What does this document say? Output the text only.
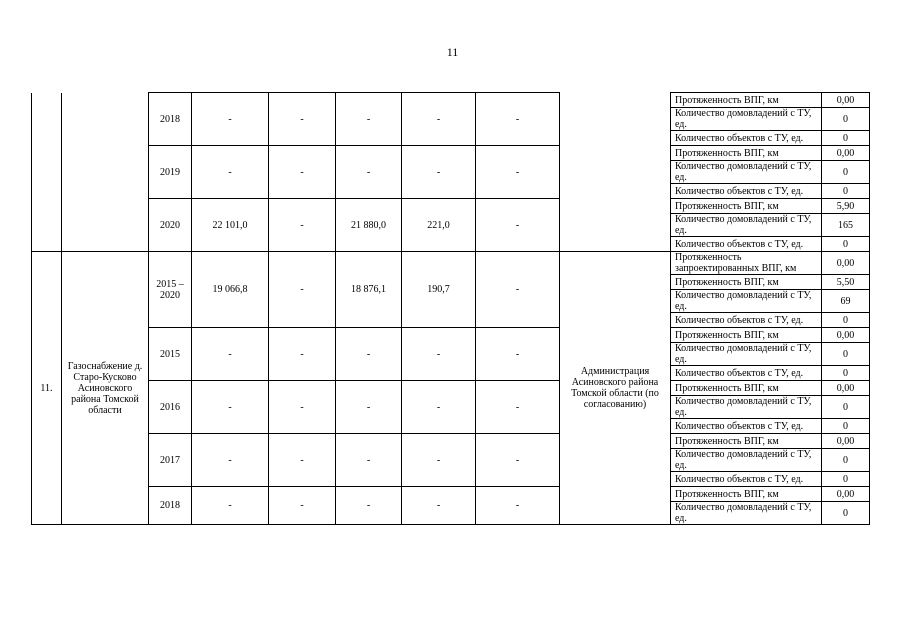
11
		2018	-	-	-	-	-		Протяженность ВПГ, км	0,00
									Количество домовладений с ТУ, ед.	0
									Количество объектов с ТУ, ед.	0
		2019	-	-	-	-	-		Протяженность ВПГ, км	0,00
									Количество домовладений с ТУ, ед.	0
									Количество объектов с ТУ, ед.	0
		2020	22 101,0	-	21 880,0	221,0	-		Протяженность ВПГ, км	5,90
									Количество домовладений с ТУ, ед.	165
									Количество объектов с ТУ, ед.	0
11.	Газоснабжение д. Старо-Кусково Асиновского района Томской области	2015 – 2020	19 066,8	-	18 876,1	190,7	-	Администрация Асиновского района Томской области (по согласованию)	Протяженность запроектированных ВПГ, км	0,00
									Протяженность ВПГ, км	5,50
									Количество домовладений с ТУ, ед.	69
									Количество объектов с ТУ, ед.	0
		2015	-	-	-	-	-		Протяженность ВПГ, км	0,00
									Количество домовладений с ТУ, ед.	0
									Количество объектов с ТУ, ед.	0
		2016	-	-	-	-	-		Протяженность ВПГ, км	0,00
									Количество домовладений с ТУ, ед.	0
									Количество объектов с ТУ, ед.	0
		2017	-	-	-	-	-		Протяженность ВПГ, км	0,00
									Количество домовладений с ТУ, ед.	0
									Количество объектов с ТУ, ед.	0
		2018	-	-	-	-	-		Протяженность ВПГ, км	0,00
									Количество домовладений с ТУ, ед.	0
